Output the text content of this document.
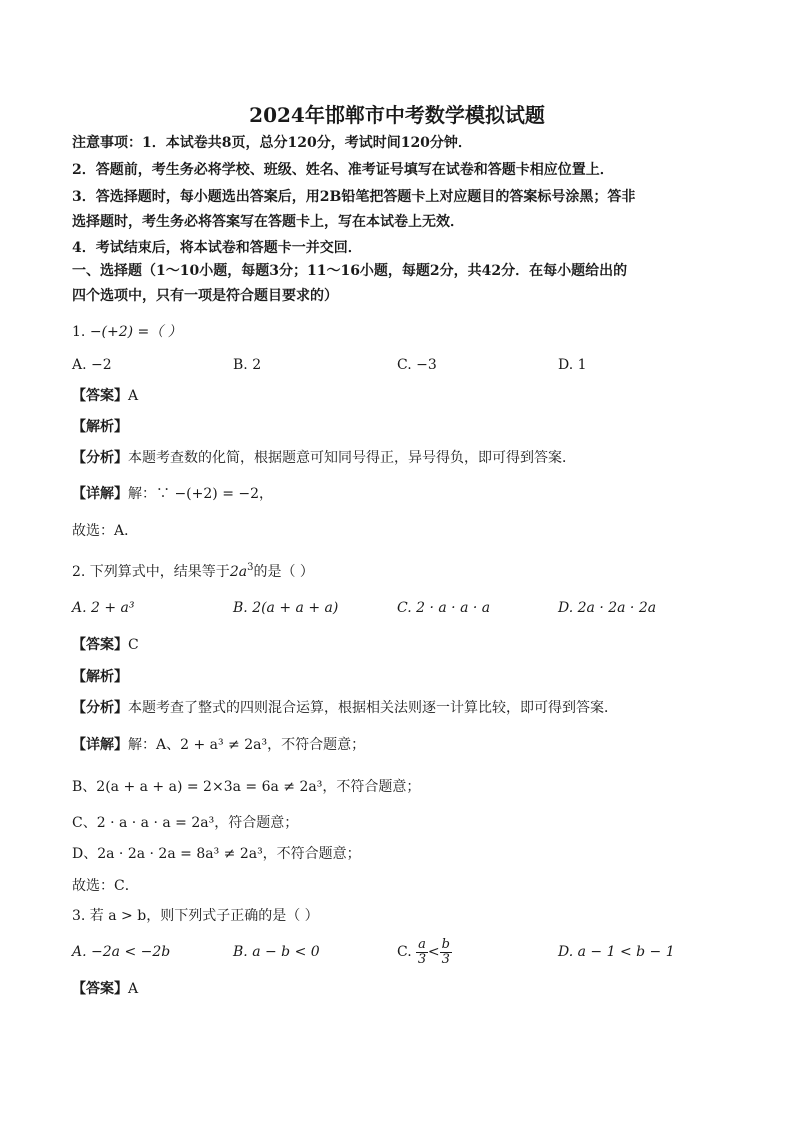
2024年邯郸市中考数学模拟试题
注意事项：1．本试卷共8页，总分120分，考试时间120分钟．
2．答题前，考生务必将学校、班级、姓名、准考证号填写在试卷和答题卡相应位置上．
3．答选择题时，每小题选出答案后，用2B铅笔把答题卡上对应题目的答案标号涂黑；答非
选择题时，考生务必将答案写在答题卡上，写在本试卷上无效．
4．考试结束后，将本试卷和答题卡一并交回．
一、选择题（1～10小题，每题3分；11～16小题，每题2分，共42分．在每小题给出的
四个选项中，只有一项是符合题目要求的）
1. −(+2) =（ ）
A. −2	B. 2	C. −3	D. 1
【答案】A
【解析】
【分析】本题考查数的化简，根据题意可知同号得正，异号得负，即可得到答案．
【详解】解：∵ −(+2) = −2，
故选：A．
2. 下列算式中，结果等于$2a^3$的是（ ）
A. 2 + a³	B. 2(a + a + a)	C. 2 · a · a · a	D. 2a · 2a · 2a
【答案】C
【解析】
【分析】本题考查了整式的四则混合运算，根据相关法则逐一计算比较，即可得到答案．
【详解】解：A、2 + a³ ≠ 2a³，不符合题意；
B、2(a + a + a) = 2×3a = 6a ≠ 2a³，不符合题意；
C、2 · a · a · a = 2a³，符合题意；
D、2a · 2a · 2a = 8a³ ≠ 2a³，不符合题意；
故选：C．
3. 若 a > b，则下列式子正确的是（ ）
A. −2a < −2b	B. a − b < 0	C. $\frac{a}{3} < \frac{b}{3}$	D. a − 1 < b − 1
【答案】A
